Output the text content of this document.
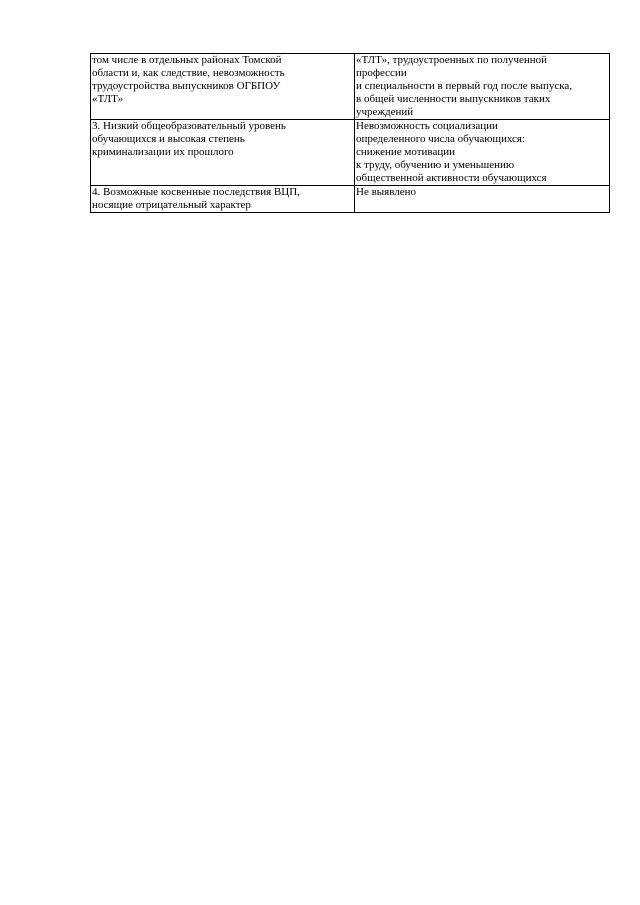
том числе в отдельных районах Томской
области и, как следствие, невозможность
трудоустройства выпускников ОГБПОУ
«ТЛТ»	«ТЛТ», трудоустроенных по полученной
профессии
и специальности в первый год после выпуска,
в общей численности выпускников таких
учреждений

3. Низкий общеобразовательный уровень
обучающихся и высокая степень
криминализации их прошлого	Невозможность социализации
определенного числа обучающихся:
снижение мотивации
к труду, обучению и уменьшению
общественной активности обучающихся

4. Возможные косвенные последствия ВЦП,
носящие отрицательный характер	Не выявлено
